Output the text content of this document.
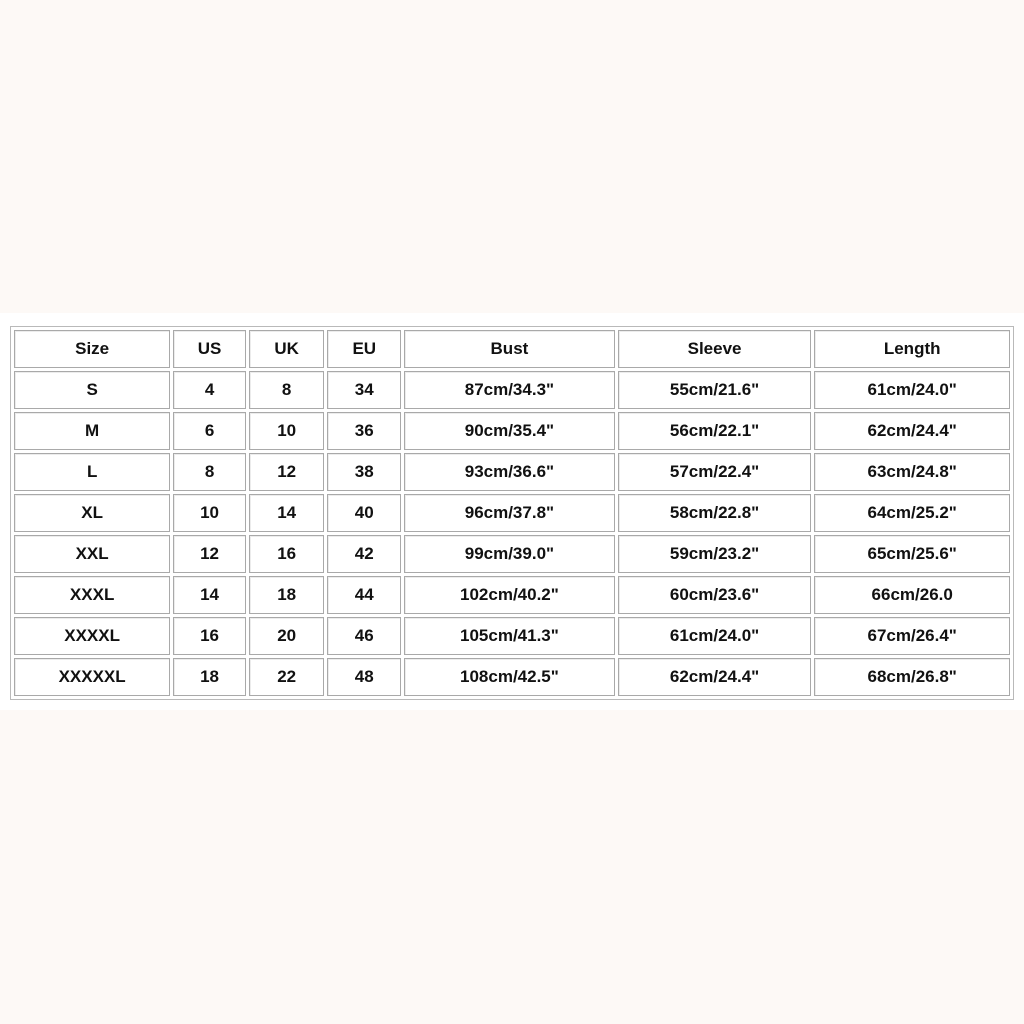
Size	US	UK	EU	Bust	Sleeve	Length
S	4	8	34	87cm/34.3"	55cm/21.6"	61cm/24.0"
M	6	10	36	90cm/35.4"	56cm/22.1"	62cm/24.4"
L	8	12	38	93cm/36.6"	57cm/22.4"	63cm/24.8"
XL	10	14	40	96cm/37.8"	58cm/22.8"	64cm/25.2"
XXL	12	16	42	99cm/39.0"	59cm/23.2"	65cm/25.6"
XXXL	14	18	44	102cm/40.2"	60cm/23.6"	66cm/26.0
XXXXL	16	20	46	105cm/41.3"	61cm/24.0"	67cm/26.4"
XXXXXL	18	22	48	108cm/42.5"	62cm/24.4"	68cm/26.8"
